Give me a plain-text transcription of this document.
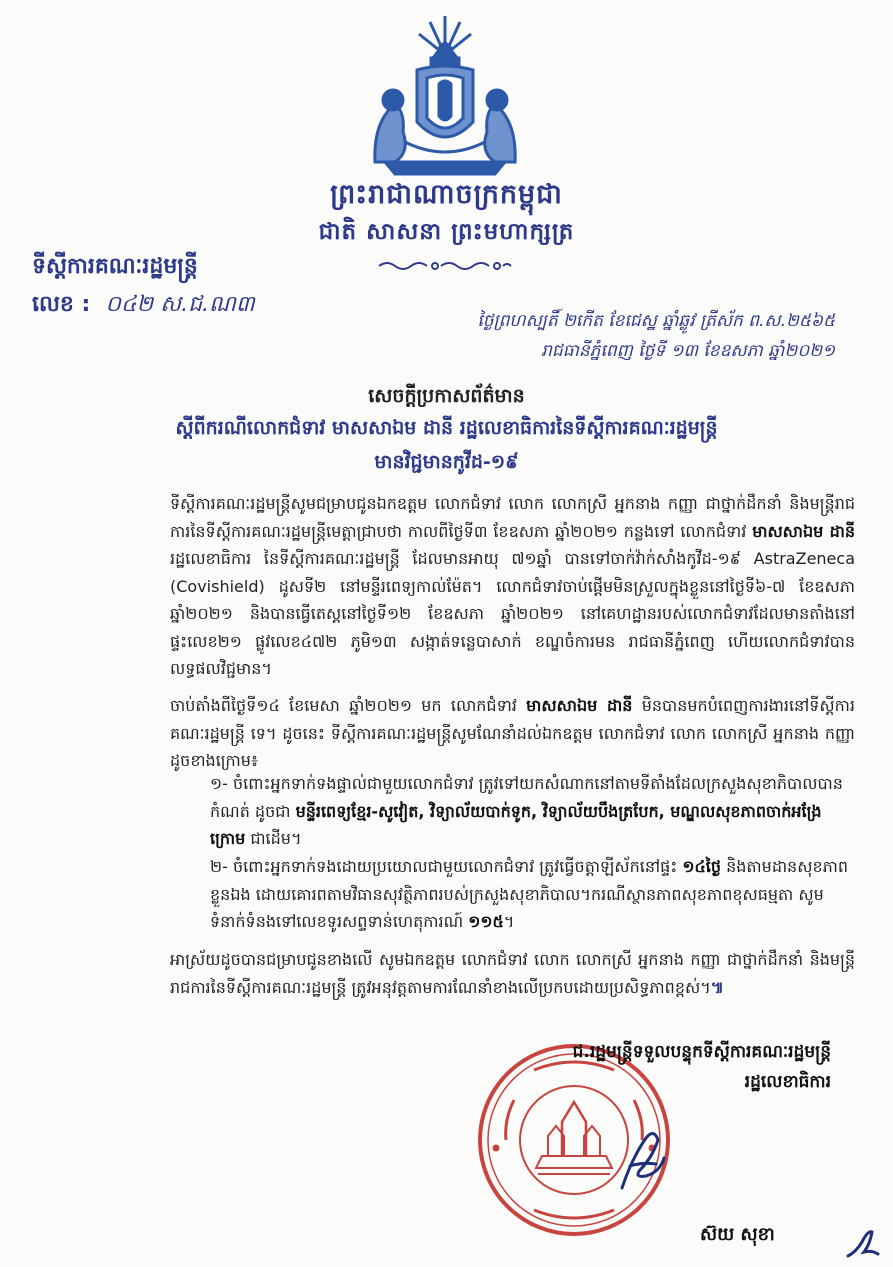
ព្រះរាជាណាចក្រកម្ពុជា
ជាតិ សាសនា ព្រះមហាក្សត្រ
ទីស្ដីការគណៈរដ្ឋមន្ត្រី
លេខ : ០៤២ ស.ជ.ណ៣
ថ្ងៃព្រហស្បតិ៍ ២កើត ខែជេស្ឋ ឆ្នាំឆ្លូវ ត្រីស័ក ព.ស.២៥៦៥
រាជធានីភ្នំពេញ ថ្ងៃទី ១៣ ខែឧសភា ឆ្នាំ២០២១
សេចក្ដីប្រកាសព័ត៌មាន
ស្ដីពីករណីលោកជំទាវ មាសសាឯម ដានី រដ្ឋលេខាធិការនៃទីស្ដីការគណៈរដ្ឋមន្ត្រី
មានវិជ្ជមានកូវីដ-១៩
ទីស្ដីការគណៈរដ្ឋមន្ត្រីសូមជម្រាបជូនឯកឧត្ដម លោកជំទាវ លោក លោកស្រី អ្នកនាង កញ្ញា ជាថ្នាក់ដឹកនាំ និងមន្ត្រីរាជការនៃទីស្ដីការគណៈរដ្ឋមន្ត្រីមេត្តាជ្រាបថា កាលពីថ្ងៃទី៣ ខែឧសភា ឆ្នាំ២០២១ កន្លងទៅ លោកជំទាវ មាសសាឯម ដានី រដ្ឋលេខាធិការ នៃទីស្ដីការគណៈរដ្ឋមន្ត្រី ដែលមានអាយុ ៧១ឆ្នាំ បានទៅចាក់វ៉ាក់សាំងកូវីដ-១៩ AstraZeneca (Covishield) ដូសទី២ នៅមន្ទីរពេទ្យកាល់ម៉ែត។ លោកជំទាវចាប់ផ្ដើមមិនស្រួលក្នុងខ្លួននៅថ្ងៃទី៦-៧ ខែឧសភា ឆ្នាំ២០២១ និងបានធ្វើតេស្ដនៅថ្ងៃទី១២ ខែឧសភា ឆ្នាំ២០២១ នៅគេហដ្ឋានរបស់លោកជំទាវដែលមានតាំងនៅផ្ទះលេខ២១ ផ្លូវលេខ៤៧២ ភូមិ១៣ សង្កាត់ទន្លេបាសាក់ ខណ្ឌចំការមន រាជធានីភ្នំពេញ ហើយលោកជំទាវបានលទ្ធផលវិជ្ជមាន។
ចាប់តាំងពីថ្ងៃទី១៤ ខែមេសា ឆ្នាំ២០២១ មក លោកជំទាវ មាសសាឯម ដានី មិនបានមកបំពេញការងារនៅទីស្ដីការគណៈរដ្ឋមន្ត្រី ទេ។ ដូចនេះ ទីស្ដីការគណៈរដ្ឋមន្ត្រីសូមណែនាំដល់ឯកឧត្ដម លោកជំទាវ លោក លោកស្រី អ្នកនាង កញ្ញា ដូចខាងក្រោម៖
១- ចំពោះអ្នកទាក់ទងផ្ទាល់ជាមួយលោកជំទាវ ត្រូវទៅយកសំណាកនៅតាមទីតាំងដែលក្រសួងសុខាភិបាលបានកំណត់ ដូចជា មន្ទីរពេទ្យខ្មែរ-សូវៀត, វិទ្យាល័យបាក់ទូក, វិទ្យាល័យបឹងត្របែក, មណ្ឌលសុខភាពចាក់អង្រែក្រោម ជាដើម។
២- ចំពោះអ្នកទាក់ទងដោយប្រយោលជាមួយលោកជំទាវ ត្រូវធ្វើចត្តាឡីស័កនៅផ្ទះ ១៤ថ្ងៃ និងតាមដានសុខភាពខ្លួនឯង ដោយគោរពតាមវិធានសុវត្ថិភាពរបស់ក្រសួងសុខាភិបាល។ករណីស្ថានភាពសុខភាពខុសធម្មតា សូមទំនាក់ទំនងទៅលេខទូរសព្ទទាន់ហេតុការណ៍ ១១៥។
អាស្រ័យដូចបានជម្រាបជូនខាងលើ សូមឯកឧត្ដម លោកជំទាវ លោក លោកស្រី អ្នកនាង កញ្ញា ជាថ្នាក់ដឹកនាំ និងមន្ត្រីរាជការនៃទីស្ដីការគណៈរដ្ឋមន្ត្រី ត្រូវអនុវត្តតាមការណែនាំខាងលើប្រកបដោយប្រសិទ្ធភាពខ្ពស់។៕
ជ.រដ្ឋមន្ត្រីទទួលបន្ទុកទីស្ដីការគណៈរដ្ឋមន្ត្រី
រដ្ឋលេខាធិការ
ស៊យ សុខា
